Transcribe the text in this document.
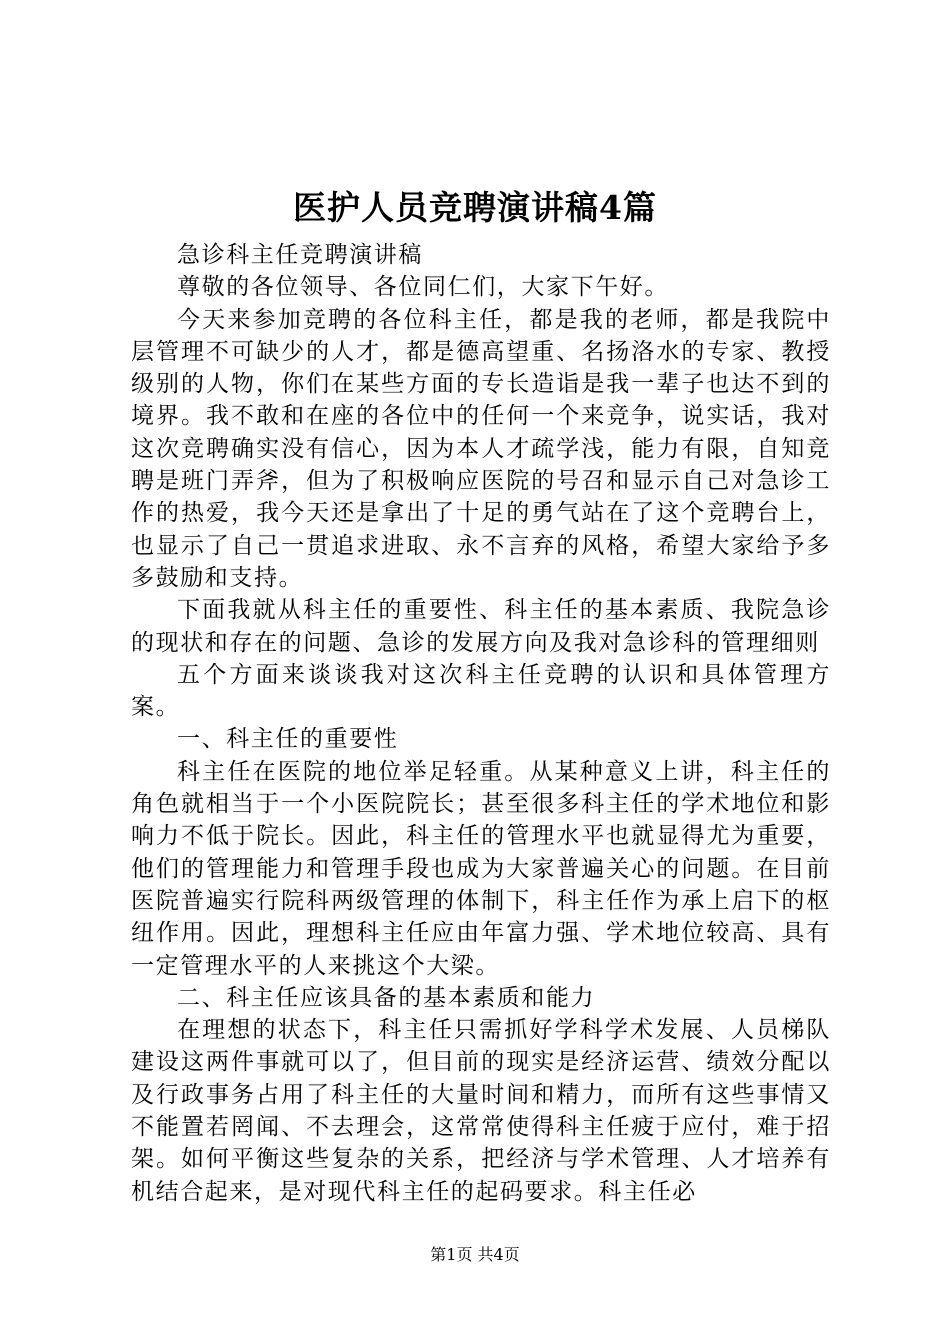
医护人员竞聘演讲稿4篇

急诊科主任竞聘演讲稿

尊敬的各位领导、各位同仁们，大家下午好。

今天来参加竞聘的各位科主任，都是我的老师，都是我院中层管理不可缺少的人才，都是德高望重、名扬洛水的专家、教授级别的人物，你们在某些方面的专长造诣是我一辈子也达不到的境界。我不敢和在座的各位中的任何一个来竞争，说实话，我对这次竞聘确实没有信心，因为本人才疏学浅，能力有限，自知竞聘是班门弄斧，但为了积极响应医院的号召和显示自己对急诊工作的热爱，我今天还是拿出了十足的勇气站在了这个竞聘台上，也显示了自己一贯追求进取、永不言弃的风格，希望大家给予多多鼓励和支持。

下面我就从科主任的重要性、科主任的基本素质、我院急诊的现状和存在的问题、急诊的发展方向及我对急诊科的管理细则

五个方面来谈谈我对这次科主任竞聘的认识和具体管理方案。

一、科主任的重要性

科主任在医院的地位举足轻重。从某种意义上讲，科主任的角色就相当于一个小医院院长；甚至很多科主任的学术地位和影响力不低于院长。因此，科主任的管理水平也就显得尤为重要，他们的管理能力和管理手段也成为大家普遍关心的问题。在目前医院普遍实行院科两级管理的体制下，科主任作为承上启下的枢纽作用。因此，理想科主任应由年富力强、学术地位较高、具有一定管理水平的人来挑这个大梁。

二、科主任应该具备的基本素质和能力

在理想的状态下，科主任只需抓好学科学术发展、人员梯队建设这两件事就可以了，但目前的现实是经济运营、绩效分配以及行政事务占用了科主任的大量时间和精力，而所有这些事情又不能置若罔闻、不去理会，这常常使得科主任疲于应付，难于招架。如何平衡这些复杂的关系，把经济与学术管理、人才培养有机结合起来，是对现代科主任的起码要求。科主任必

第1页 共4页
